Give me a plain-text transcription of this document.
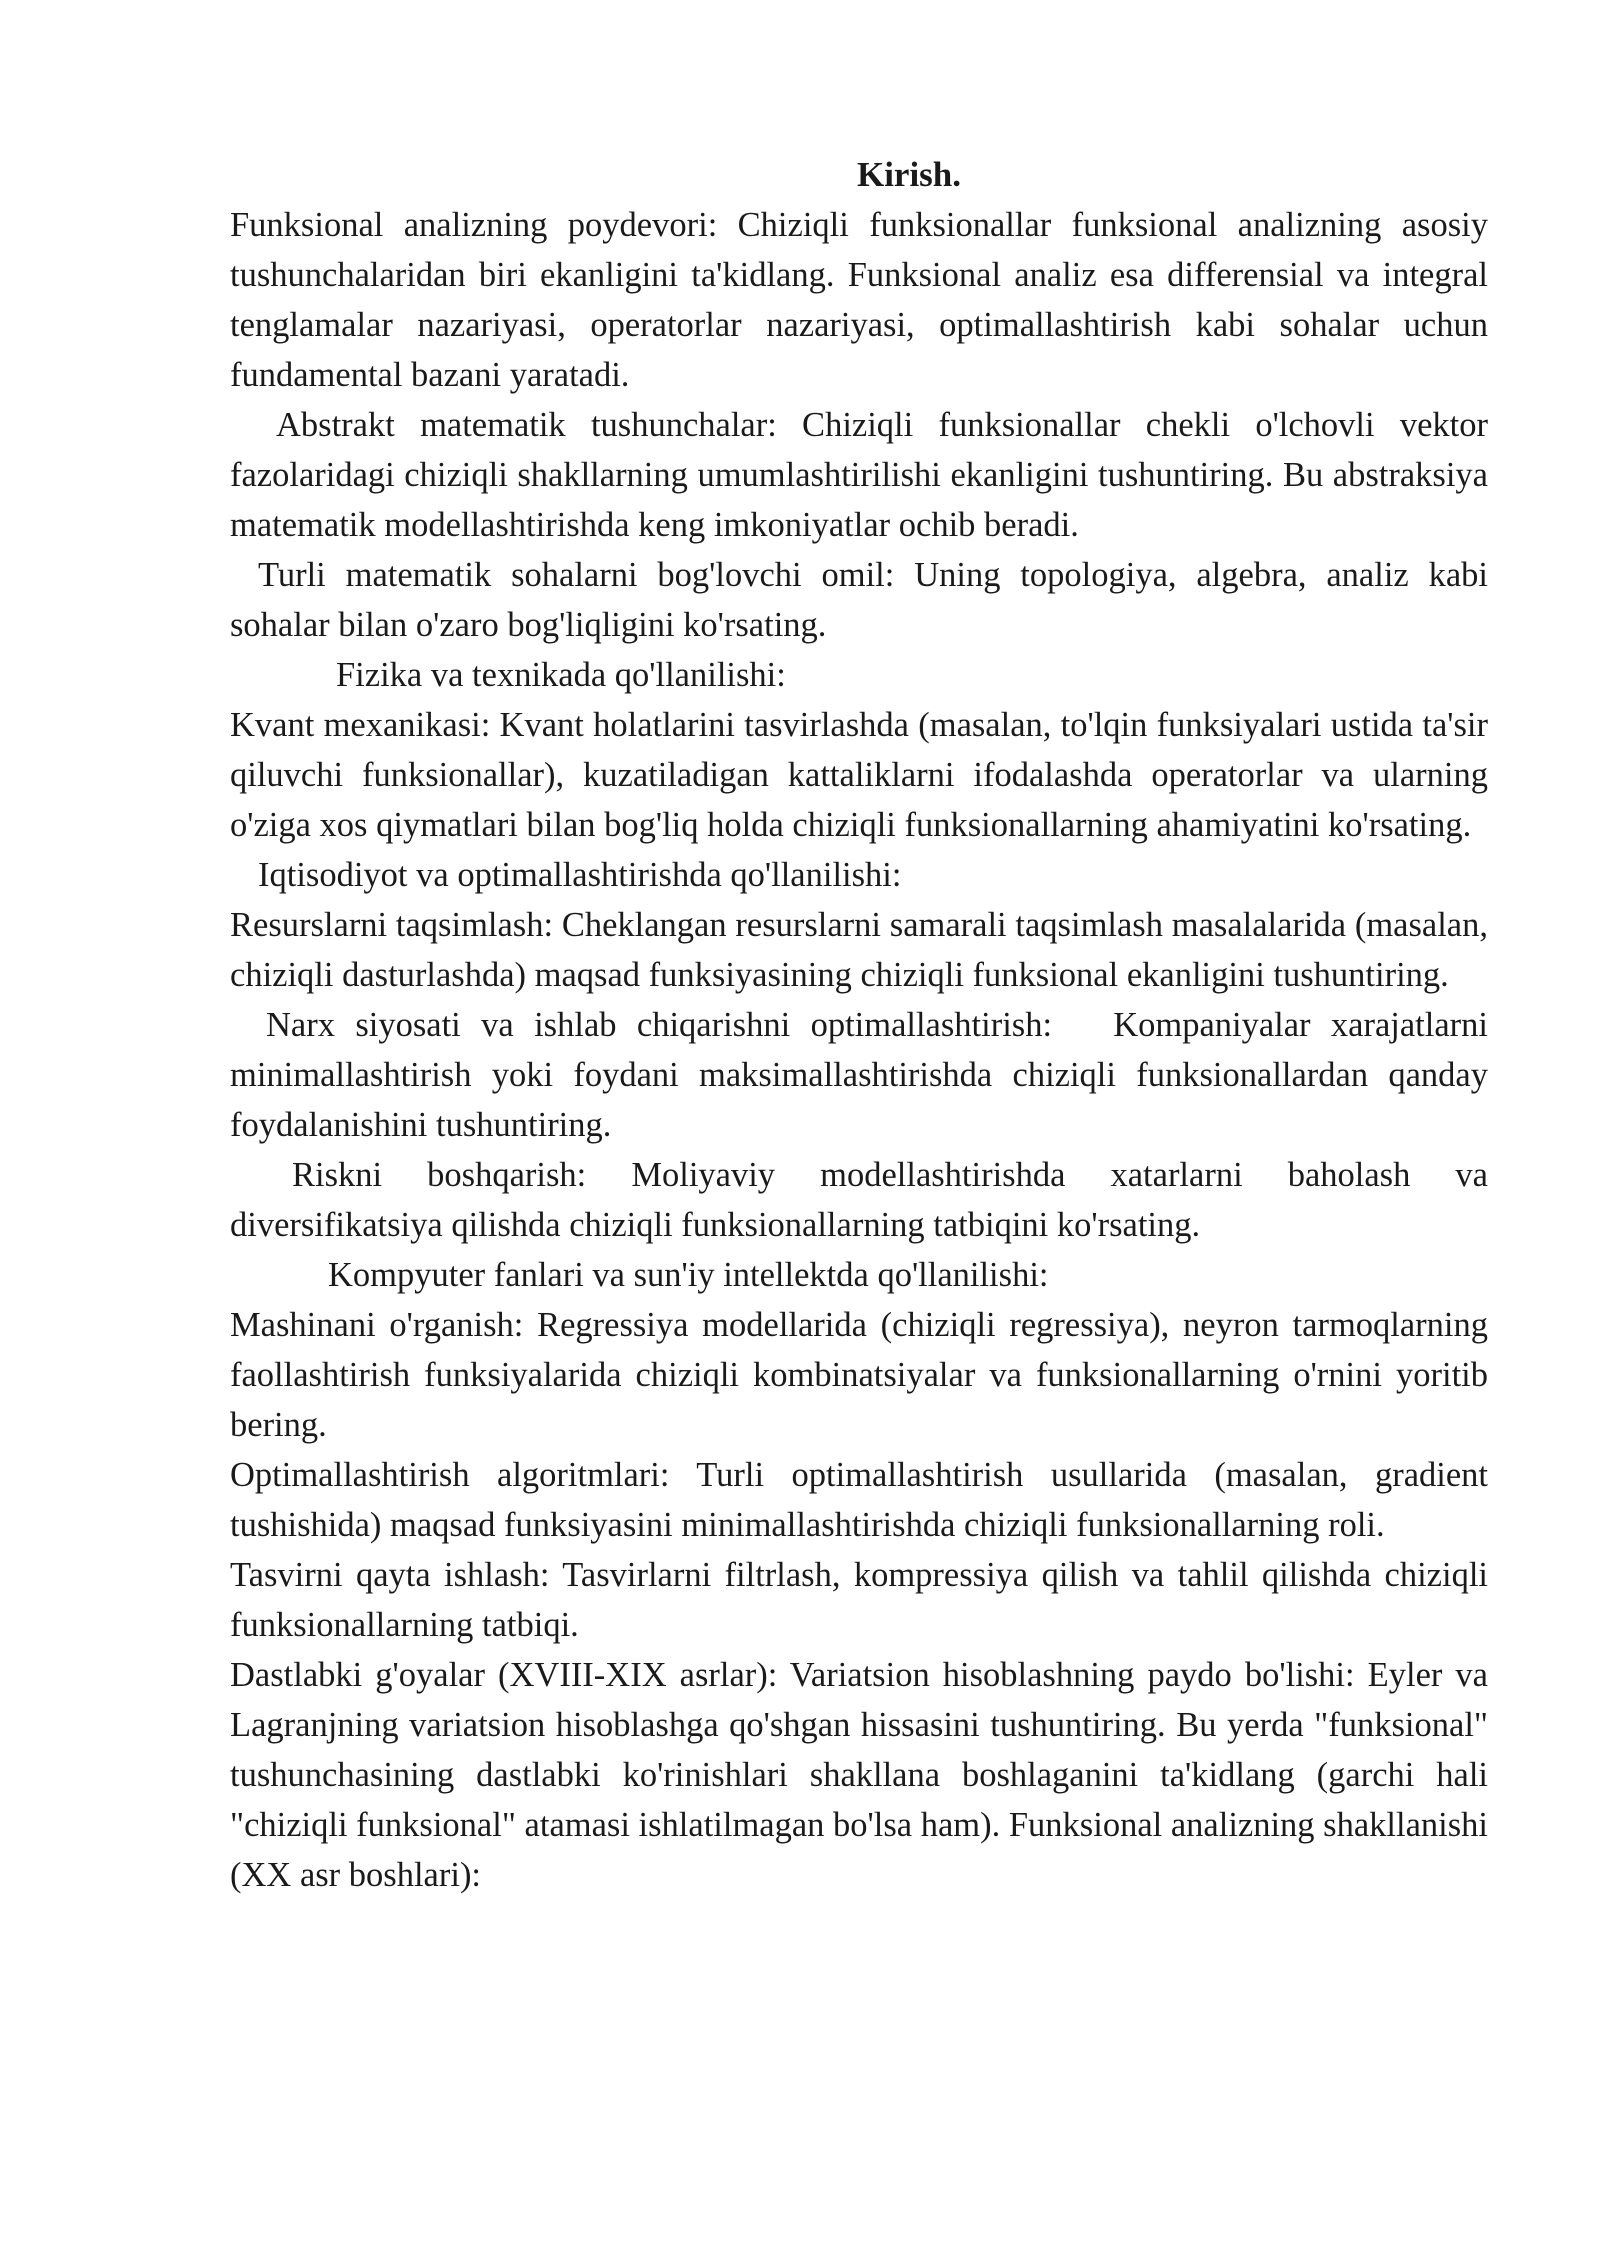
Kirish.

Funksional analizning poydevori: Chiziqli funksionallar funksional analizning asosiy tushunchalaridan biri ekanligini ta'kidlang. Funksional analiz esa differensial va integral tenglamalar nazariyasi, operatorlar nazariyasi, optimallashtirish kabi sohalar uchun fundamental bazani yaratadi.

Abstrakt matematik tushunchalar: Chiziqli funksionallar chekli o'lchovli vektor fazolaridagi chiziqli shakllarning umumlashtirilishi ekanligini tushuntiring. Bu abstraksiya matematik modellashtirishda keng imkoniyatlar ochib beradi.

Turli matematik sohalarni bog'lovchi omil: Uning topologiya, algebra, analiz kabi sohalar bilan o'zaro bog'liqligini ko'rsating.

Fizika va texnikada qo'llanilishi:

Kvant mexanikasi: Kvant holatlarini tasvirlashda (masalan, to'lqin funksiyalari ustida ta'sir qiluvchi funksionallar), kuzatiladigan kattaliklarni ifodalashda operatorlar va ularning o'ziga xos qiymatlari bilan bog'liq holda chiziqli funksionallarning ahamiyatini ko'rsating.

Iqtisodiyot va optimallashtirishda qo'llanilishi:

Resurslarni taqsimlash: Cheklangan resurslarni samarali taqsimlash masalalarida (masalan, chiziqli dasturlashda) maqsad funksiyasining chiziqli funksional ekanligini tushuntiring.

Narx siyosati va ishlab chiqarishni optimallashtirish:   Kompaniyalar xarajatlarni minimallashtirish yoki foydani maksimallashtirishda chiziqli funksionallardan qanday foydalanishini tushuntiring.

Riskni boshqarish: Moliyaviy modellashtirishda xatarlarni baholash va diversifikatsiya qilishda chiziqli funksionallarning tatbiqini ko'rsating.

Kompyuter fanlari va sun'iy intellektda qo'llanilishi:

Mashinani o'rganish: Regressiya modellarida (chiziqli regressiya), neyron tarmoqlarning faollashtirish funksiyalarida chiziqli kombinatsiyalar va funksionallarning o'rnini yoritib bering.

Optimallashtirish algoritmlari: Turli optimallashtirish usullarida (masalan, gradient tushishida) maqsad funksiyasini minimallashtirishda chiziqli funksionallarning roli.

Tasvirni qayta ishlash: Tasvirlarni filtrlash, kompressiya qilish va tahlil qilishda chiziqli funksionallarning tatbiqi.

Dastlabki g'oyalar (XVIII-XIX asrlar): Variatsion hisoblashning paydo bo'lishi: Eyler va Lagranjning variatsion hisoblashga qo'shgan hissasini tushuntiring. Bu yerda "funksional" tushunchasining dastlabki ko'rinishlari shakllana boshlaganini ta'kidlang (garchi hali "chiziqli funksional" atamasi ishlatilmagan bo'lsa ham). Funksional analizning shakllanishi (XX asr boshlari):
